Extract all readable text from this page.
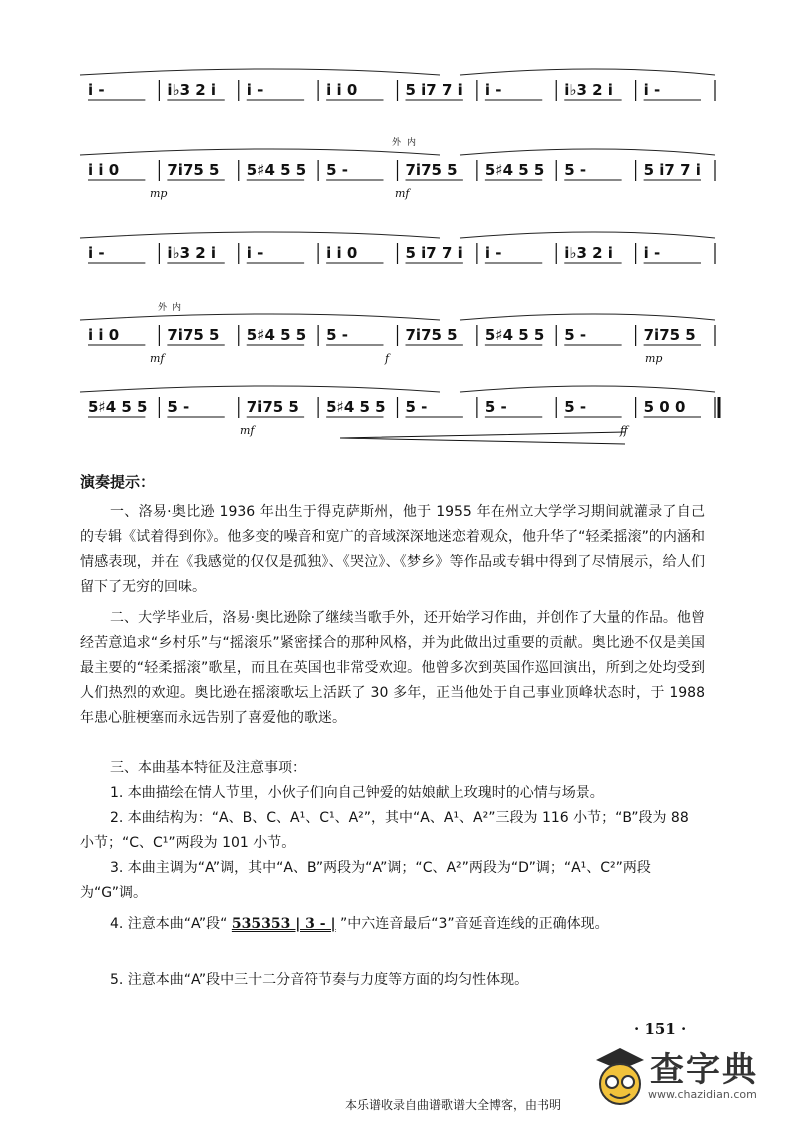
i -	i♭3 2 i i -	i i 0	5 i7 7 i i -	i♭3 2 i i -
i i 0	7i75 5 5♯4 5 5 5 -	7i75 5 5♯4 5 5 5 -	5 i7 7 i
i -	i♭3 2 i i -	i i 0	5 i7 7 i i -	i♭3 2 i i -
i i 0	7i75 5 5♯4 5 5 5 -	7i75 5 5♯4 5 5 5 -	7i75 5
5♯4 5 5 5 -	7i75 5 5♯4 5 5 5 -	5 -	5 -	5 0 0
mp	mf
mf	f	mp
mf	ff
外 内
外 内
演奏提示：
一、洛易·奥比逊 1936 年出生于得克萨斯州，他于 1955 年在州立大学学习期间就灌录了自己的专辑《试着得到你》。他多变的噪音和宽广的音域深深地迷恋着观众，他升华了“轻柔摇滚”的内涵和情感表现，并在《我感觉的仅仅是孤独》、《哭泣》、《梦乡》等作品或专辑中得到了尽情展示，给人们留下了无穷的回味。
二、大学毕业后，洛易·奥比逊除了继续当歌手外，还开始学习作曲，并创作了大量的作品。他曾经苦意追求“乡村乐”与“摇滚乐”紧密揉合的那种风格，并为此做出过重要的贡献。奥比逊不仅是美国最主要的“轻柔摇滚”歌星，而且在英国也非常受欢迎。他曾多次到英国作巡回演出，所到之处均受到人们热烈的欢迎。奥比逊在摇滚歌坛上活跃了 30 多年，正当他处于自己事业顶峰状态时，于 1988 年患心脏梗塞而永远告别了喜爱他的歌迷。
三、本曲基本特征及注意事项：
1. 本曲描绘在情人节里，小伙子们向自己钟爱的姑娘献上玫瑰时的心情与场景。
2. 本曲结构为：“A、B、C、A¹、C¹、A²”，其中“A、A¹、A²”三段为 116 小节；“B”段为 88 小节；“C、C¹”两段为 101 小节。
3. 本曲主调为“A”调，其中“A、B”两段为“A”调；“C、A²”两段为“D”调；“A¹、C²”两段为“G”调。
4. 注意本曲“A”段“ 535353 | 3 - | ”中六连音最后“3”音延音连线的正确体现。
5. 注意本曲“A”段中三十二分音符节奏与力度等方面的均匀性体现。
· 151 ·
查字典
www.chazidian.com
本乐谱收录自曲谱歌谱大全博客，由书明
